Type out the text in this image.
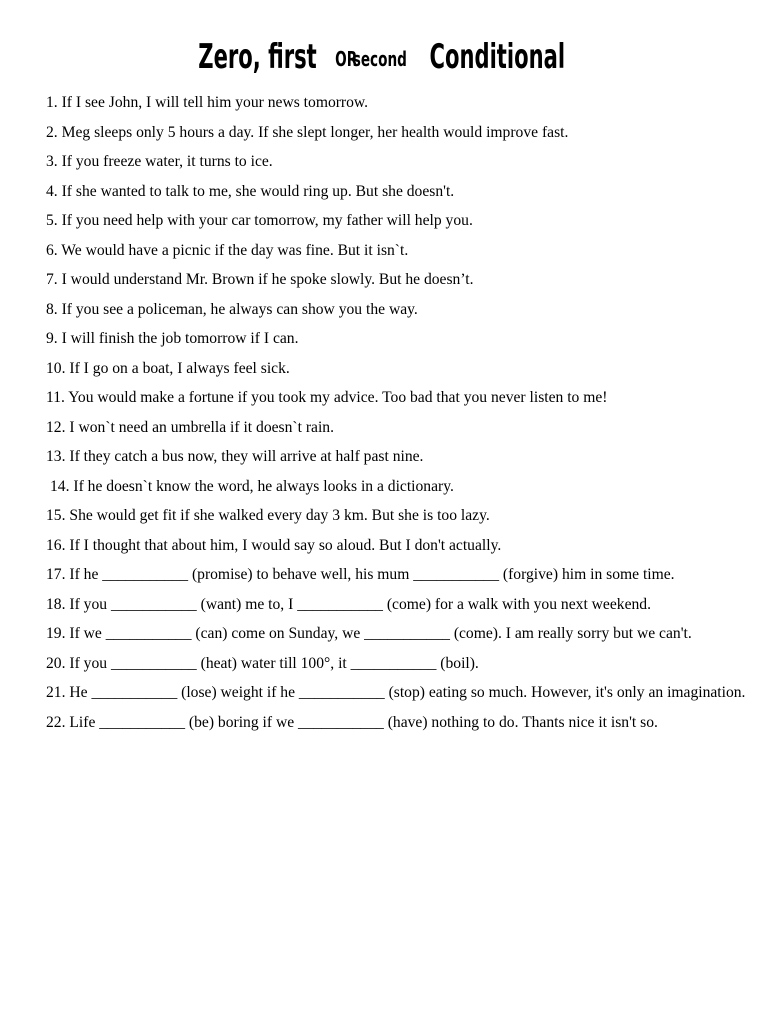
Zero, first OR second Conditional

1. If I see John, I will tell him your news tomorrow.

2. Meg sleeps only 5 hours a day. If she slept longer, her health would improve fast.

3. If you freeze water, it turns to ice.

4. If she wanted to talk to me, she would ring up. But she doesn't.

5. If you need help with your car tomorrow, my father will help you.

6. We would have a picnic if the day was fine. But it isn`t.

7. I would understand Mr. Brown if he spoke slowly. But he doesn’t.

8. If you see a policeman, he always can show you the way.

9. I will finish the job tomorrow if I can.

10. If I go on a boat, I always feel sick.

11. You would make a fortune if you took my advice. Too bad that you never listen to me!

12. I won`t need an umbrella if it doesn`t rain.

13. If they catch a bus now, they will arrive at half past nine.

14. If he doesn`t know the word, he always looks in a dictionary.

15. She would get fit if she walked every day 3 km. But she is too lazy.

16. If I thought that about him, I would say so aloud. But I don't actually.

17. If he ___________ (promise) to behave well, his mum ___________ (forgive) him in some time.

18. If you ___________ (want) me to, I ___________ (come) for a walk with you next weekend.

19. If we ___________ (can) come on Sunday, we ___________ (come). I am really sorry but we can't.

20. If you ___________ (heat) water till 100°, it ___________ (boil).

21. He ___________ (lose) weight if he ___________ (stop) eating so much. However, it's only an imagination.

22. Life ___________ (be) boring if we ___________ (have) nothing to do. Thants nice it isn't so.
